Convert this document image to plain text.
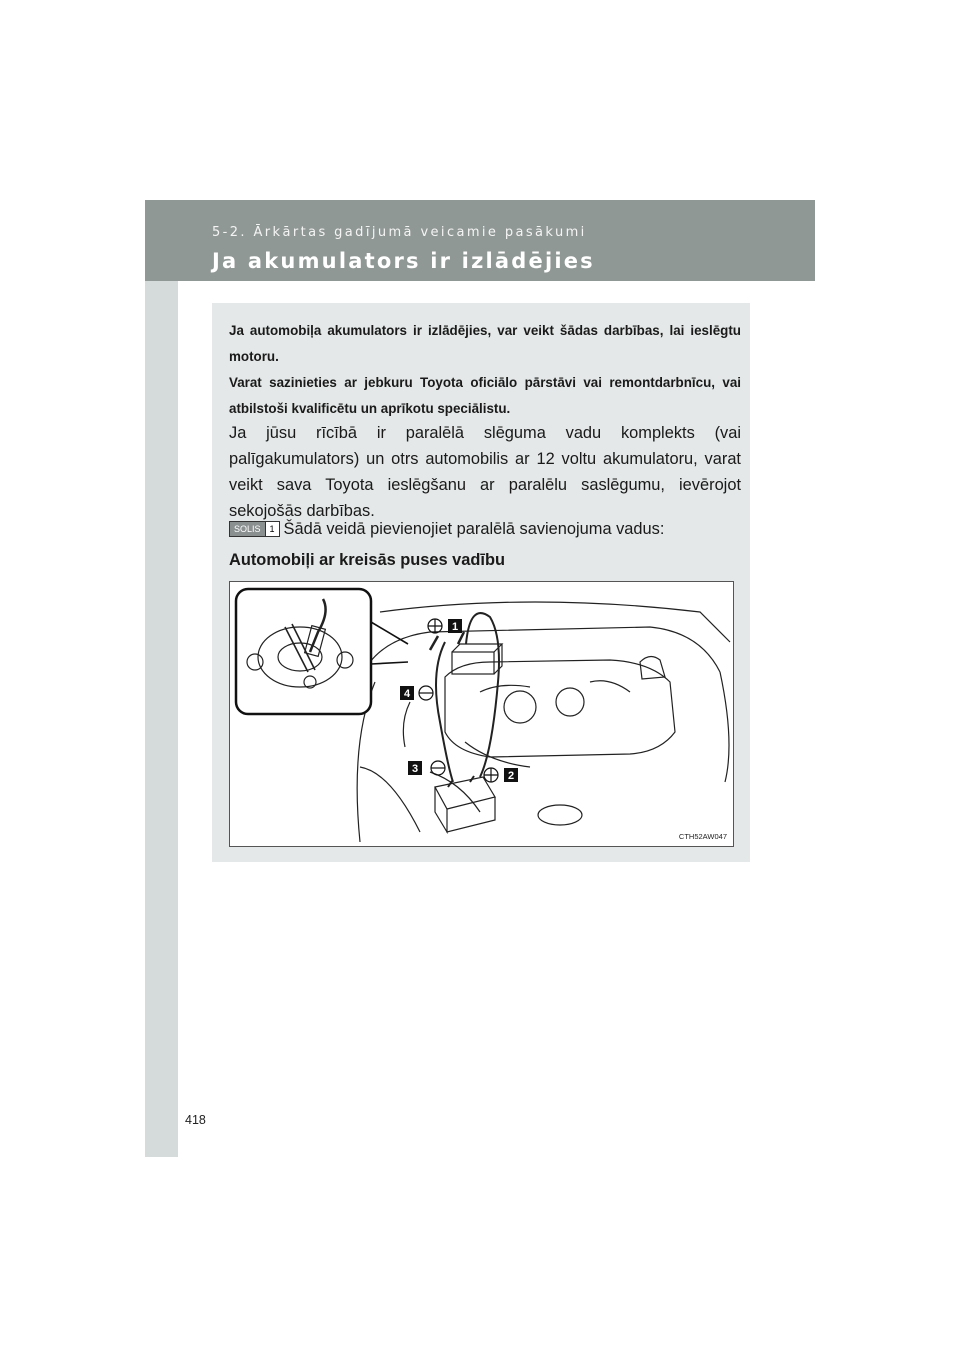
5-2. Ārkārtas gadījumā veicamie pasākumi
Ja akumulators ir izlādējies

Ja automobiļa akumulators ir izlādējies, var veikt šādas darbības, lai ieslēgtu motoru.
Varat sazinieties ar jebkuru Toyota oficiālo pārstāvi vai remontdarbnīcu, vai atbilstoši kvalificētu un aprīkotu speciālistu.

Ja jūsu rīcībā ir paralēlā slēguma vadu komplekts (vai palīgakumulators) un otrs automobilis ar 12 voltu akumulatoru, varat veikt sava Toyota ieslēgšanu ar paralēlu saslēgumu, ievērojot sekojošās darbības.

SOLIS 1 Šādā veidā pievienojiet paralēlā savienojuma vadus:
Automobiļi ar kreisās puses vadību
1
2
3
4
CTH52AW047
418
